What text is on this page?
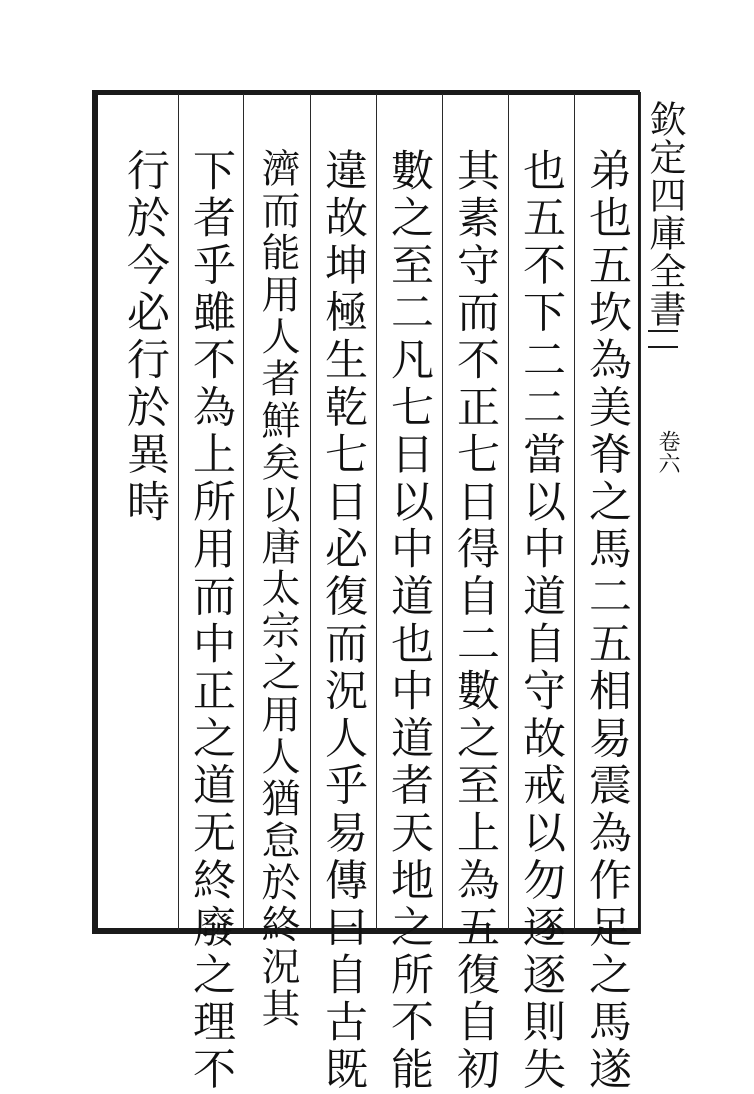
弟也五坎為美脊之馬二五相易震為作足之馬遂
也五不下二二當以中道自守故戒以勿逐逐則失
其素守而不正七日得自二數之至上為五復自初
數之至二凡七日以中道也中道者天地之所不能
違故坤極生乾七日必復而況人乎易傳曰自古既
濟而能用人者鮮矣以唐太宗之用人猶怠於終況其
下者乎雖不為上所用而中正之道无終廢之理不
行於今必行於異時	欽定四庫全書
卷六
